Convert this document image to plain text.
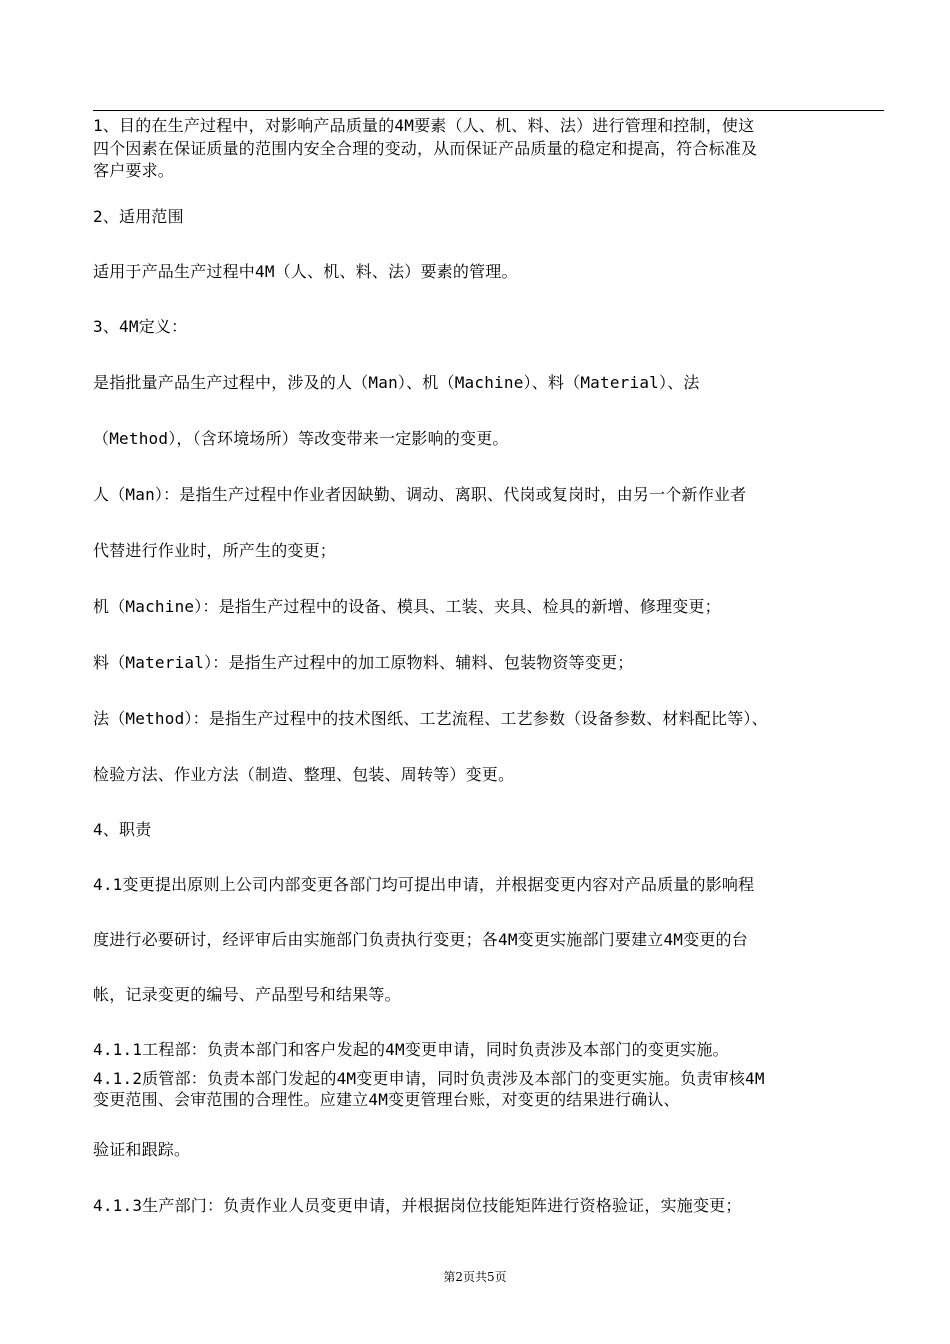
1、目的在生产过程中，对影响产品质量的4M要素（人、机、料、法）进行管理和控制，使这
四个因素在保证质量的范围内安全合理的变动，从而保证产品质量的稳定和提高，符合标准及
客户要求。
2、适用范围
适用于产品生产过程中4M（人、机、料、法）要素的管理。
3、4M定义：
是指批量产品生产过程中，涉及的人（Man）、机（Machine）、料（Material）、法
（Method），（含环境场所）等改变带来一定影响的变更。
人（Man）：是指生产过程中作业者因缺勤、调动、离职、代岗或复岗时，由另一个新作业者
代替进行作业时，所产生的变更；
机（Machine）：是指生产过程中的设备、模具、工装、夹具、检具的新增、修理变更；
料（Material）：是指生产过程中的加工原物料、辅料、包装物资等变更；
法（Method）：是指生产过程中的技术图纸、工艺流程、工艺参数（设备参数、材料配比等）、
检验方法、作业方法（制造、整理、包装、周转等）变更。
4、职责
4.1变更提出原则上公司内部变更各部门均可提出申请，并根据变更内容对产品质量的影响程
度进行必要研讨，经评审后由实施部门负责执行变更；各4M变更实施部门要建立4M变更的台
帐，记录变更的编号、产品型号和结果等。
4.1.1工程部：负责本部门和客户发起的4M变更申请，同时负责涉及本部门的变更实施。
4.1.2质管部：负责本部门发起的4M变更申请，同时负责涉及本部门的变更实施。负责审核4M
变更范围、会审范围的合理性。应建立4M变更管理台账，对变更的结果进行确认、
验证和跟踪。
4.1.3生产部门：负责作业人员变更申请，并根据岗位技能矩阵进行资格验证，实施变更；
第2页共5页
